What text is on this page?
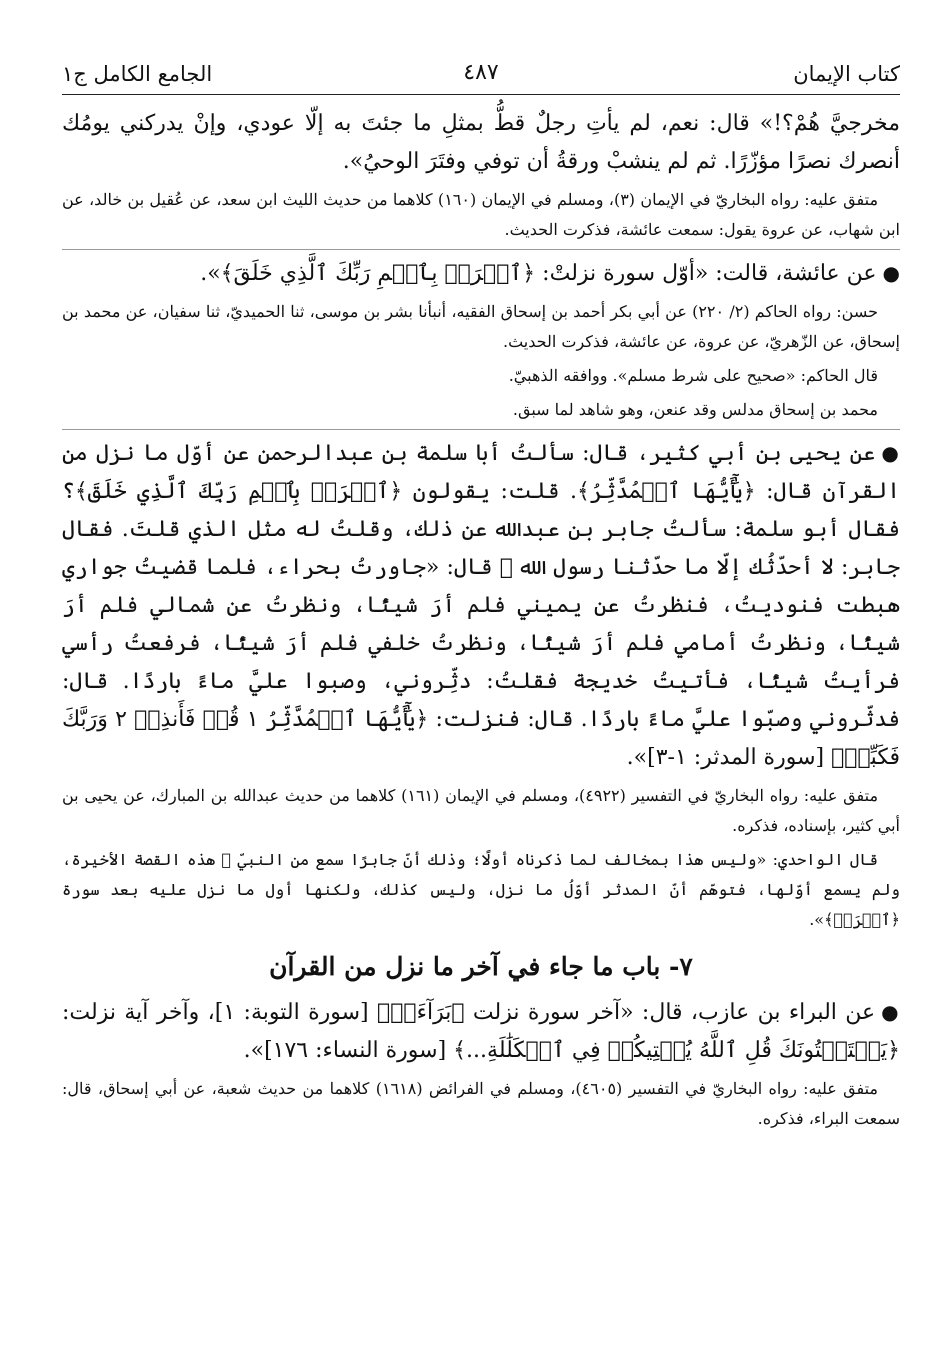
كتاب الإيمان
٤٨٧
الجامع الكامل ج١

مخرجيَّ هُمْ؟!» قال: نعم، لم يأتِ رجلٌ قطُّ بمثلِ ما جئتَ به إلّا عودي، وإنْ يدركني يومُك أنصرك نصرًا مؤزّرًا. ثم لم ينشبْ ورقةُ أن توفي وفتَرَ الوحيُ».

متفق عليه: رواه البخاريّ في الإيمان (٣)، ومسلم في الإيمان (١٦٠) كلاهما من حديث الليث ابن سعد، عن عُقيل بن خالد، عن ابن شهاب، عن عروة يقول: سمعت عائشة، فذكرت الحديث.

●عن عائشة، قالت: «أوّل سورة نزلتْ: ﴿ٱقۡرَأۡ بِٱسۡمِ رَبِّكَ ٱلَّذِي خَلَقَ﴾».

حسن: رواه الحاكم (٢/ ٢٢٠) عن أبي بكر أحمد بن إسحاق الفقيه، أنبأنا بشر بن موسى، ثنا الحميديّ، ثنا سفيان، عن محمد بن إسحاق، عن الزّهريّ، عن عروة، عن عائشة، فذكرت الحديث.
قال الحاكم: «صحيح على شرط مسلم». ووافقه الذهبيّ.
محمد بن إسحاق مدلس وقد عنعن، وهو شاهد لما سبق.

●عن يحيى بن أبي كثير، قال: سألتُ أبا سلمة بن عبدالرحمن عن أوّل ما نزل من القرآن قال: ﴿يَٰٓأَيُّهَا ٱلۡمُدَّثِّرُ﴾. قلت: يقولون ﴿ٱقۡرَأۡ بِٱسۡمِ رَبِّكَ ٱلَّذِي خَلَقَ﴾؟ فقال أبو سلمة: سألتُ جابر بن عبدالله عن ذلك، وقلتُ له مثل الذي قلتَ. فقال جابر: لا أحدّثُك إلّا ما حدّثنا رسول الله ﷺ قال: «جاورتُ بحراء، فلما قضيتُ جواري هبطت فنوديتُ، فنظرتُ عن يميني فلم أرَ شيئًا، ونظرتُ عن شمالي فلم أرَ شيئًا، ونظرتُ أمامي فلم أرَ شيئًا، ونظرتُ خلفي فلم أرَ شيئًا، فرفعتُ رأسي فرأيتُ شيئًا، فأتيتُ خديجة فقلتُ: دثِّروني، وصبوا عليَّ ماءً باردًا. قال: فدثّروني وصبّوا عليَّ ماءً باردًا. قال: فنزلت: ﴿يَٰٓأَيُّهَا ٱلۡمُدَّثِّرُ ١ قُمۡ فَأَنذِرۡ ٢ وَرَبَّكَ فَكَبِّرۡ﴾ [سورة المدثر: ١-٣]».

متفق عليه: رواه البخاريّ في التفسير (٤٩٢٢)، ومسلم في الإيمان (١٦١) كلاهما من حديث عبدالله بن المبارك، عن يحيى بن أبي كثير، بإسناده، فذكره.
قال الواحدي: «وليس هذا بمخالف لما ذكرناه أولًا؛ وذلك أنّ جابرًا سمع من النبيّ ﷺ هذه القصة الأخيرة، ولم يسمع أوّلها، فتوهّم أنّ المدثر أوّلُ ما نزل، وليس كذلك، ولكنها أول ما نزل عليه بعد سورة ﴿ٱقۡرَأۡ﴾».
٧- باب ما جاء في آخر ما نزل من القرآن

●عن البراء بن عازب، قال: «آخر سورة نزلت ﴿بَرَآءَةٞ﴾ [سورة التوبة: ١]، وآخر آية نزلت: ﴿يَسۡتَفۡتُونَكَ قُلِ ٱللَّهُ يُفۡتِيكُمۡ فِي ٱلۡكَلَٰلَةِ...﴾ [سورة النساء: ١٧٦]».

متفق عليه: رواه البخاريّ في التفسير (٤٦٠٥)، ومسلم في الفرائض (١٦١٨) كلاهما من حديث شعبة، عن أبي إسحاق، قال: سمعت البراء، فذكره.
